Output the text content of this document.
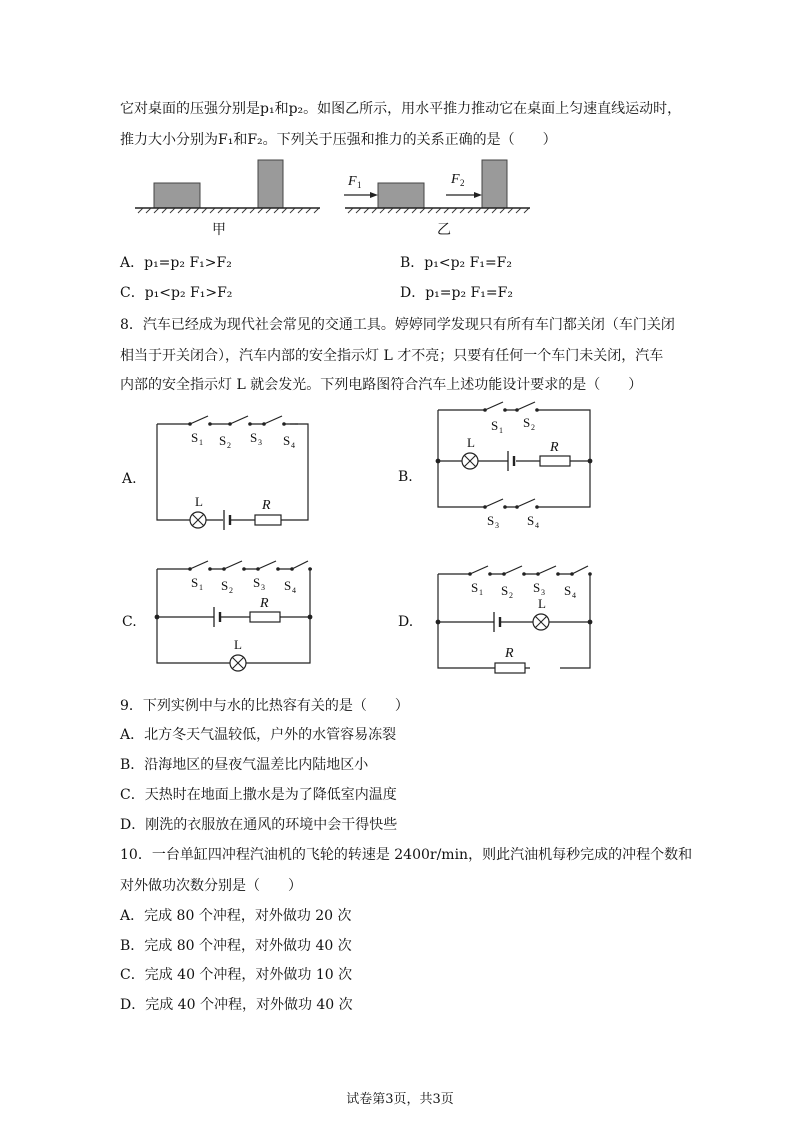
它对桌面的压强分别是p₁和p₂。如图乙所示，用水平推力推动它在桌面上匀速直线运动时，
推力大小分别为F₁和F₂。下列关于压强和推力的关系正确的是（　　）
甲
F 1	F 2
乙
A．p₁=p₂ F₁>F₂	B．p₁<p₂ F₁=F₂
C．p₁<p₂ F₁>F₂	D．p₁=p₂ F₁=F₂
8．汽车已经成为现代社会常见的交通工具。婷婷同学发现只有所有车门都关闭（车门关闭
相当于开关闭合），汽车内部的安全指示灯 L 才不亮；只要有任何一个车门未关闭，汽车
内部的安全指示灯 L 就会发光。下列电路图符合汽车上述功能设计要求的是（　　）
A.
S 1 S 2
S 3 S 4
L	R
B.
S 1
S 2
S 3 S 4
L	R
C.
S 1 S 2
S 3 S 4
R
L
D.
S 1 S 2
S 3 S 4
L
R
9．下列实例中与水的比热容有关的是（　　）
A．北方冬天气温较低，户外的水管容易冻裂
B．沿海地区的昼夜气温差比内陆地区小
C．天热时在地面上撒水是为了降低室内温度
D．刚洗的衣服放在通风的环境中会干得快些
10．一台单缸四冲程汽油机的飞轮的转速是 2400r/min，则此汽油机每秒完成的冲程个数和
对外做功次数分别是（　　）
A．完成 80 个冲程，对外做功 20 次
B．完成 80 个冲程，对外做功 40 次
C．完成 40 个冲程，对外做功 10 次
D．完成 40 个冲程，对外做功 40 次
试卷第3页，共3页
